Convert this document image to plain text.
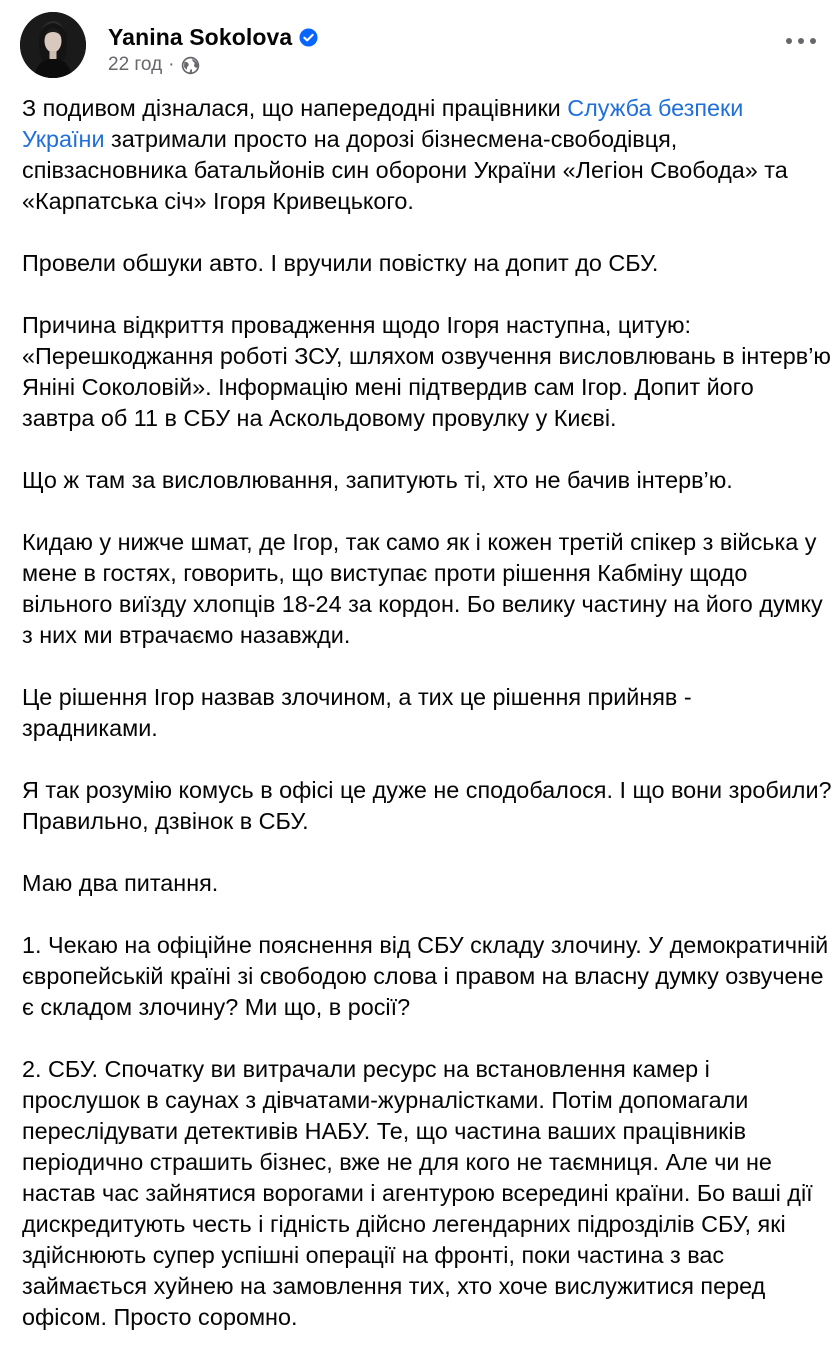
Yanina Sokolova
22 год ·

З подивом дізналася, що напередодні працівники Служба безпеки України затримали просто на дорозі бізнесмена-свободівця, співзасновника батальйонів син оборони України «Легіон Свобода» та «Карпатська січ» Ігоря Кривецького.

Провели обшуки авто. І вручили повістку на допит до СБУ.

Причина відкриття провадження щодо Ігоря наступна, цитую: «Перешкоджання роботі ЗСУ, шляхом озвучення висловлювань в інтерв’ю Яніні Соколовій». Інформацію мені підтвердив сам Ігор. Допит його завтра об 11 в СБУ на Аскольдовому провулку у Києві.

Що ж там за висловлювання, запитують ті, хто не бачив інтерв’ю.

Кидаю у нижче шмат, де Ігор, так само як і кожен третій спікер з війська у мене в гостях, говорить, що виступає проти рішення Кабміну щодо вільного виїзду хлопців 18-24 за кордон. Бо велику частину на його думку з них ми втрачаємо назавжди.

Це рішення Ігор назвав злочином, а тих це рішення прийняв - зрадниками.

Я так розумію комусь в офісі це дуже не сподобалося. І що вони зробили? Правильно, дзвінок в СБУ.

Маю два питання.

1. Чекаю на офіційне пояснення від СБУ складу злочину. У демократичній європейській країні зі свободою слова і правом на власну думку озвучене є складом злочину? Ми що, в росії?

2. СБУ. Спочатку ви витрачали ресурс на встановлення камер і прослушок в саунах з дівчатами-журналістками. Потім допомагали переслідувати детективів НАБУ. Те, що частина ваших працівників періодично страшить бізнес, вже не для кого не таємниця. Але чи не настав час зайнятися ворогами і агентурою всередині країни. Бо ваші дії дискредитують честь і гідність дійсно легендарних підрозділів СБУ, які здійснюють супер успішні операції на фронті, поки частина з вас займається хуйнею на замовлення тих, хто хоче вислужитися перед офісом. Просто соромно.
